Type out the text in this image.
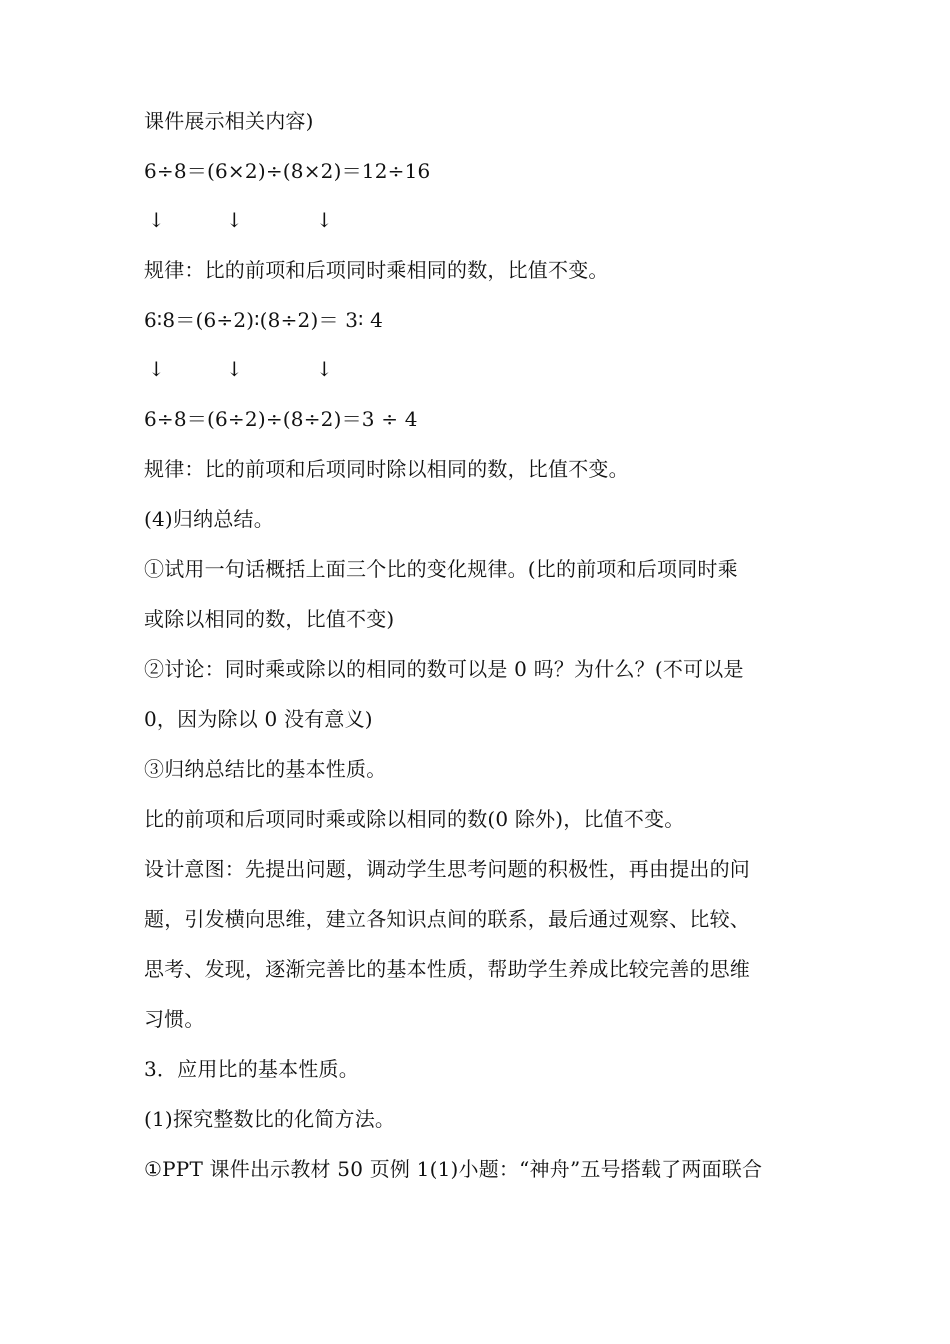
课件展示相关内容)
6÷8＝(6×2)÷(8×2)＝12÷16
↓	↓	↓
规律：比的前项和后项同时乘相同的数，比值不变。
6∶8＝(6÷2)∶(8÷2)＝ 3∶ 4
↓	↓	↓
6÷8＝(6÷2)÷(8÷2)＝3 ÷ 4
规律：比的前项和后项同时除以相同的数，比值不变。
(4)归纳总结。
①试用一句话概括上面三个比的变化规律。(比的前项和后项同时乘
或除以相同的数，比值不变)
②讨论：同时乘或除以的相同的数可以是 0 吗？为什么？(不可以是
0，因为除以 0 没有意义)
③归纳总结比的基本性质。
比的前项和后项同时乘或除以相同的数(0 除外)，比值不变。
设计意图：先提出问题，调动学生思考问题的积极性，再由提出的问
题，引发横向思维，建立各知识点间的联系，最后通过观察、比较、
思考、发现，逐渐完善比的基本性质，帮助学生养成比较完善的思维
习惯。
3．应用比的基本性质。
(1)探究整数比的化简方法。
①PPT 课件出示教材 50 页例 1(1)小题：“神舟”五号搭载了两面联合
